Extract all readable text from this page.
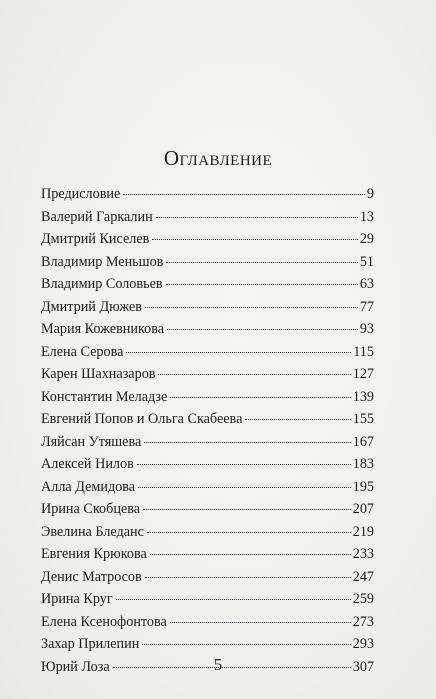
Оглавление
Предисловие	9
Валерий Гаркалин	13
Дмитрий Киселев	29
Владимир Меньшов	51
Владимир Соловьев	63
Дмитрий Дюжев	77
Мария Кожевникова	93
Елена Серова	115
Карен Шахназаров	127
Константин Меладзе	139
Евгений Попов и Ольга Скабеева	155
Ляйсан Утяшева	167
Алексей Нилов	183
Алла Демидова	195
Ирина Скобцева	207
Эвелина Бледанс	219
Евгения Крюкова	233
Денис Матросов	247
Ирина Круг	259
Елена Ксенофонтова	273
Захар Прилепин	293
Юрий Лоза	307
5
